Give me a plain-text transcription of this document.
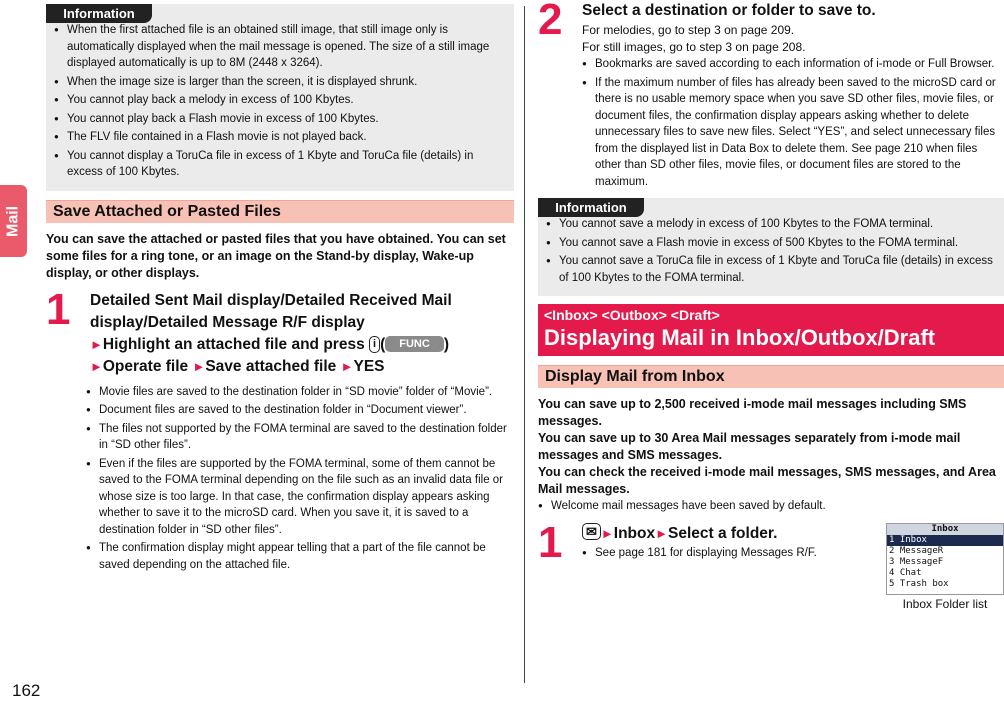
Mail
162
Information
● When the first attached file is an obtained still image, that still image only is automatically displayed when the mail message is opened. The size of a still image displayed automatically is up to 8M (2448 x 3264).
● When the image size is larger than the screen, it is displayed shrunk.
● You cannot play back a melody in excess of 100 Kbytes.
● You cannot play back a Flash movie in excess of 100 Kbytes.
● The FLV file contained in a Flash movie is not played back.
● You cannot display a ToruCa file in excess of 1 Kbyte and ToruCa file (details) in excess of 100 Kbytes.
Save Attached or Pasted Files
You can save the attached or pasted files that you have obtained. You can set some files for a ring tone, or an image on the Stand-by display, Wake-up display, or other displays.
1 Detailed Sent Mail display/Detailed Received Mail display/Detailed Message R/F display
►Highlight an attached file and press i ( FUNC )
►Operate file ►Save attached file ►YES
● Movie files are saved to the destination folder in “SD movie” folder of “Movie”.
● Document files are saved to the destination folder in “Document viewer”.
● The files not supported by the FOMA terminal are saved to the destination folder in “SD other files”.
● Even if the files are supported by the FOMA terminal, some of them cannot be saved to the FOMA terminal depending on the file such as an invalid data file or whose size is too large. In that case, the confirmation display appears asking whether to save it to the microSD card. When you save it, it is saved to a destination folder in “SD other files”.
● The confirmation display might appear telling that a part of the file cannot be saved depending on the attached file.
2 Select a destination or folder to save to.
For melodies, go to step 3 on page 209.
For still images, go to step 3 on page 208.
● Bookmarks are saved according to each information of i-mode or Full Browser.
● If the maximum number of files has already been saved to the microSD card or there is no usable memory space when you save SD other files, movie files, or document files, the confirmation display appears asking whether to delete unnecessary files to save new files. Select “YES”, and select unnecessary files from the displayed list in Data Box to delete them. See page 210 when files other than SD other files, movie files, or document files are stored to the maximum.
Information
● You cannot save a melody in excess of 100 Kbytes to the FOMA terminal.
● You cannot save a Flash movie in excess of 500 Kbytes to the FOMA terminal.
● You cannot save a ToruCa file in excess of 1 Kbyte and ToruCa file (details) in excess of 100 Kbytes to the FOMA terminal.
<Inbox> <Outbox> <Draft>
Displaying Mail in Inbox/Outbox/Draft
Display Mail from Inbox
You can save up to 2,500 received i-mode mail messages including SMS messages.
You can save up to 30 Area Mail messages separately from i-mode mail messages and SMS messages.
You can check the received i-mode mail messages, SMS messages, and Area Mail messages.
● Welcome mail messages have been saved by default.
1	✉ ►Inbox►Select a folder.
● See page 181 for displaying Messages R/F.
Inbox
1 Inbox
2 MessageR
3 MessageF
4 Chat
5 Trash box
Inbox Folder list
